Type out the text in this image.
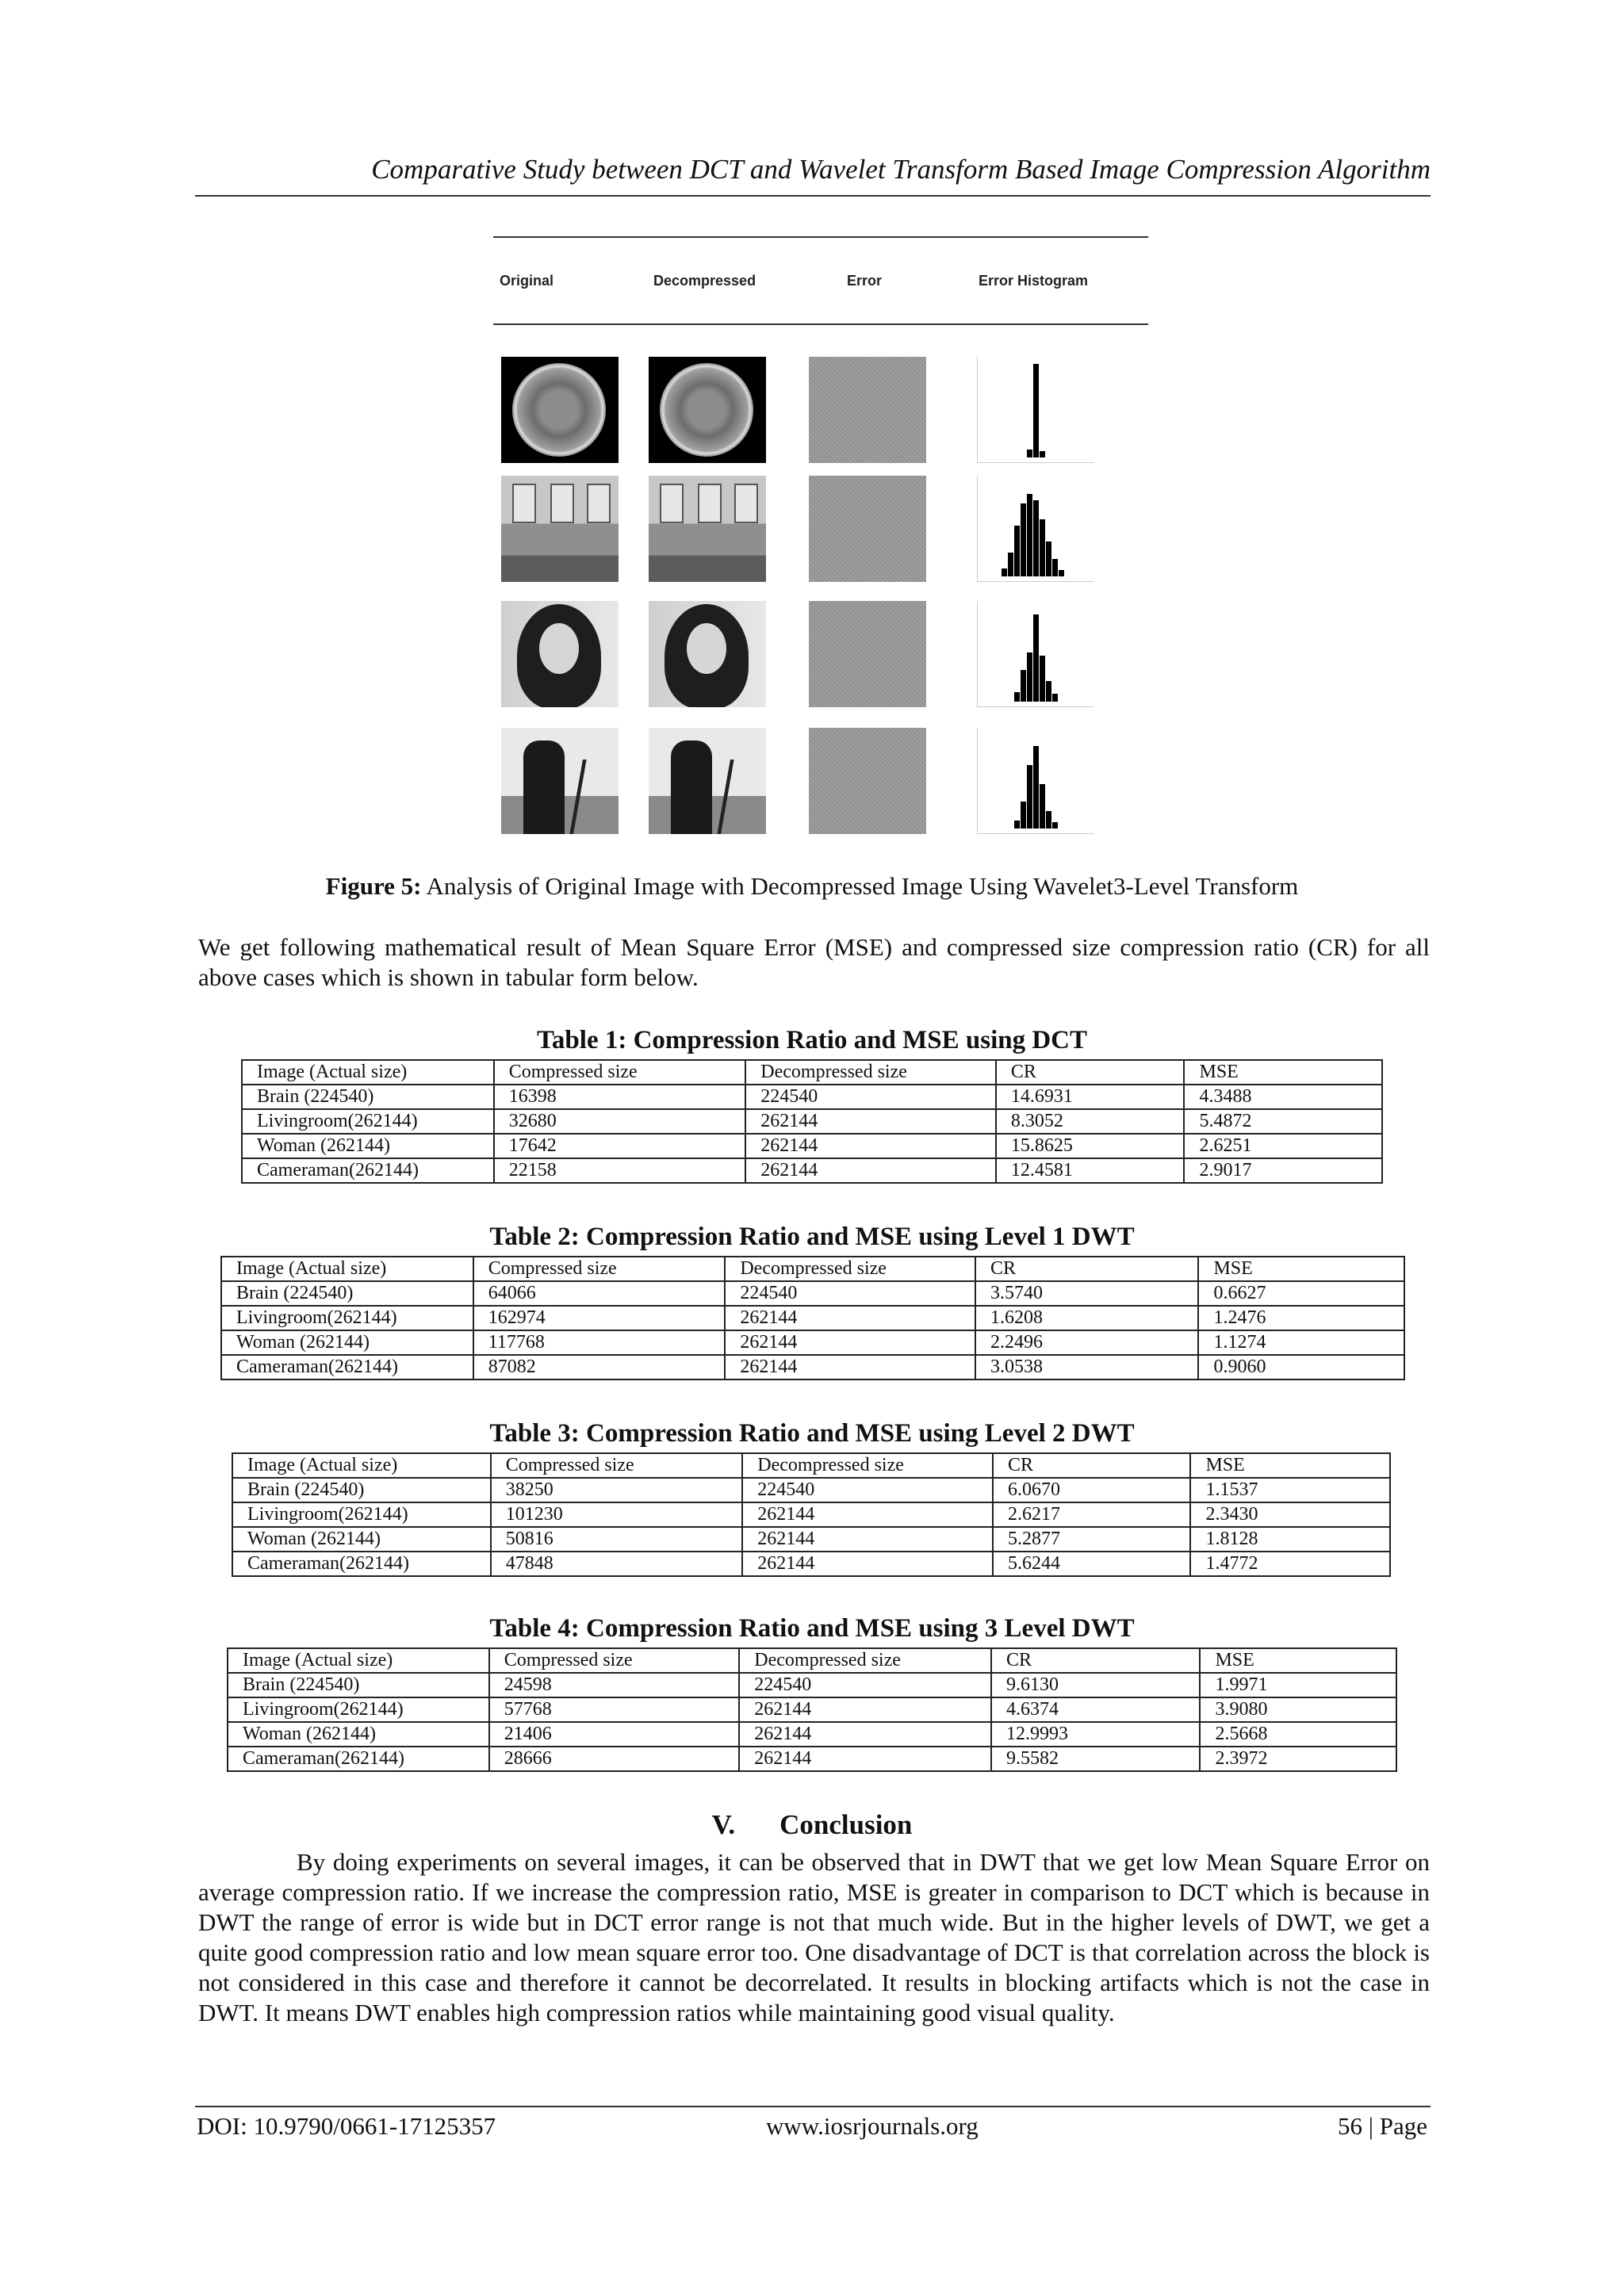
Comparative Study between DCT and Wavelet Transform Based Image Compression Algorithm
Original	Decompressed	Error	Error Histogram
Figure 5: Analysis of Original Image with Decompressed Image Using Wavelet3-Level Transform
We get following mathematical result of Mean Square Error (MSE) and compressed size compression ratio (CR) for all above cases which is shown in tabular form below.
Table 1: Compression Ratio and MSE using DCT
Image (Actual size)	Compressed size	Decompressed size	CR	MSE
Brain (224540)	16398	224540	14.6931	4.3488
Livingroom(262144)	32680	262144	8.3052	5.4872
Woman (262144)	17642	262144	15.8625	2.6251
Cameraman(262144)	22158	262144	12.4581	2.9017
Table 2: Compression Ratio and MSE using Level 1 DWT
Image (Actual size)	Compressed size	Decompressed size	CR	MSE
Brain (224540)	64066	224540	3.5740	0.6627
Livingroom(262144)	162974	262144	1.6208	1.2476
Woman (262144)	117768	262144	2.2496	1.1274
Cameraman(262144)	87082	262144	3.0538	0.9060
Table 3: Compression Ratio and MSE using Level 2 DWT
Image (Actual size)	Compressed size	Decompressed size	CR	MSE
Brain (224540)	38250	224540	6.0670	1.1537
Livingroom(262144)	101230	262144	2.6217	2.3430
Woman (262144)	50816	262144	5.2877	1.8128
Cameraman(262144)	47848	262144	5.6244	1.4772
Table 4: Compression Ratio and MSE using 3 Level DWT
Image (Actual size)	Compressed size	Decompressed size	CR	MSE
Brain (224540)	24598	224540	9.6130	1.9971
Livingroom(262144)	57768	262144	4.6374	3.9080
Woman (262144)	21406	262144	12.9993	2.5668
Cameraman(262144)	28666	262144	9.5582	2.3972
V. Conclusion
By doing experiments on several images, it can be observed that in DWT that we get low Mean Square Error on average compression ratio. If we increase the compression ratio, MSE is greater in comparison to DCT which is because in DWT the range of error is wide but in DCT error range is not that much wide. But in the higher levels of DWT, we get a quite good compression ratio and low mean square error too. One disadvantage of DCT is that correlation across the block is not considered in this case and therefore it cannot be decorrelated. It results in blocking artifacts which is not the case in DWT. It means DWT enables high compression ratios while maintaining good visual quality.
DOI: 10.9790/0661-17125357	www.iosrjournals.org	56 | Page
